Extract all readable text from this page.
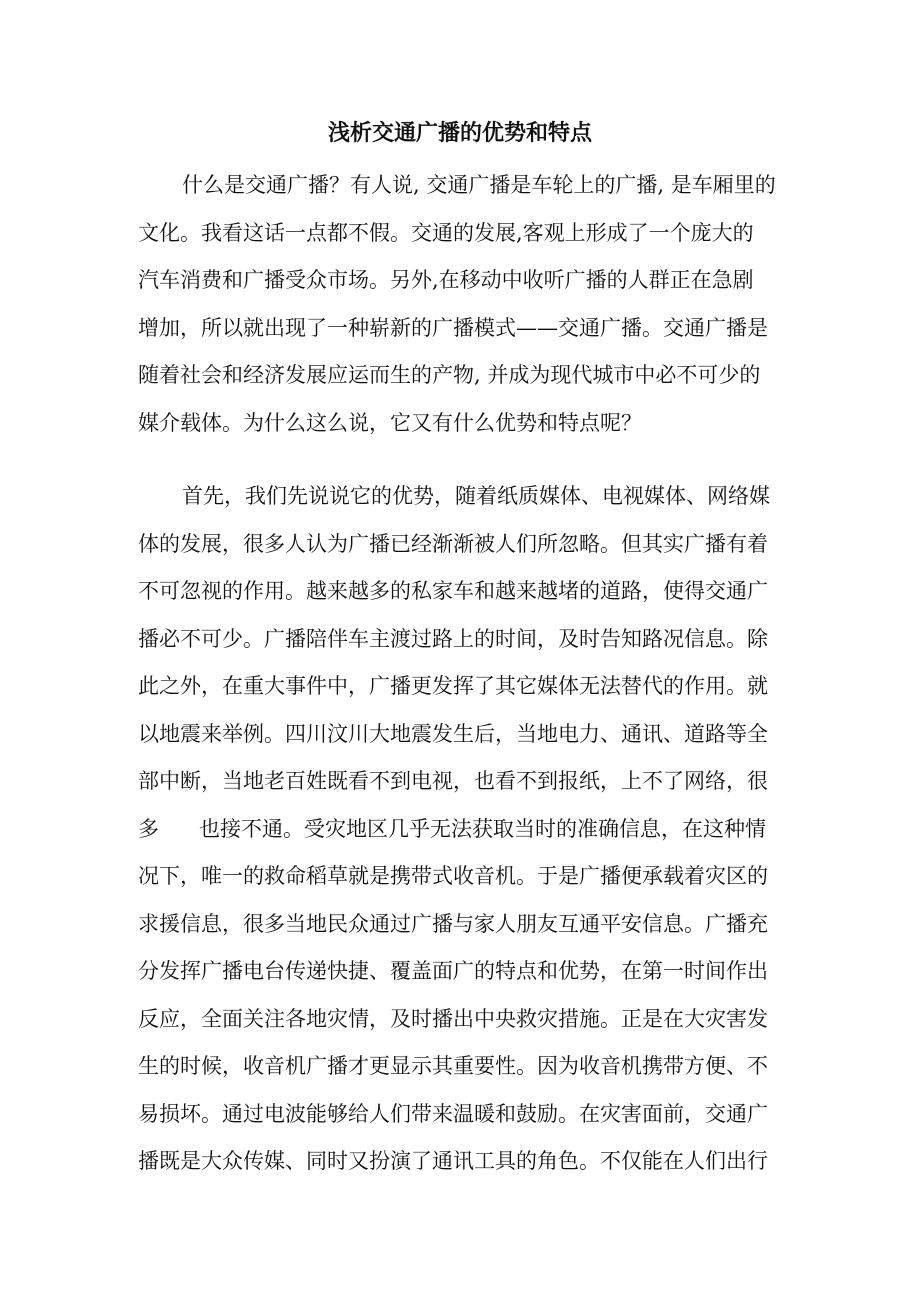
浅析交通广播的优势和特点
什么是交通广播？有人说, 交通广播是车轮上的广播, 是车厢里的
文化。我看这话一点都不假。交通的发展,客观上形成了一个庞大的
汽车消费和广播受众市场。另外,在移动中收听广播的人群正在急剧
增加，所以就出现了一种崭新的广播模式——交通广播。交通广播是
随着社会和经济发展应运而生的产物, 并成为现代城市中必不可少的
媒介载体。为什么这么说，它又有什么优势和特点呢？
首先，我们先说说它的优势，随着纸质媒体、电视媒体、网络媒
体的发展，很多人认为广播已经渐渐被人们所忽略。但其实广播有着
不可忽视的作用。越来越多的私家车和越来越堵的道路，使得交通广
播必不可少。广播陪伴车主渡过路上的时间，及时告知路况信息。除
此之外，在重大事件中，广播更发挥了其它媒体无法替代的作用。就
以地震来举例。四川汶川大地震发生后，当地电力、通讯、道路等全
部中断，当地老百姓既看不到电视，也看不到报纸，上不了网络，很
多 也接不通。受灾地区几乎无法获取当时的准确信息，在这种情
况下，唯一的救命稻草就是携带式收音机。于是广播便承载着灾区的
求援信息，很多当地民众通过广播与家人朋友互通平安信息。广播充
分发挥广播电台传递快捷、覆盖面广的特点和优势，在第一时间作出
反应，全面关注各地灾情，及时播出中央救灾措施。正是在大灾害发
生的时候，收音机广播才更显示其重要性。因为收音机携带方便、不
易损坏。通过电波能够给人们带来温暖和鼓励。在灾害面前，交通广
播既是大众传媒、同时又扮演了通讯工具的角色。不仅能在人们出行
